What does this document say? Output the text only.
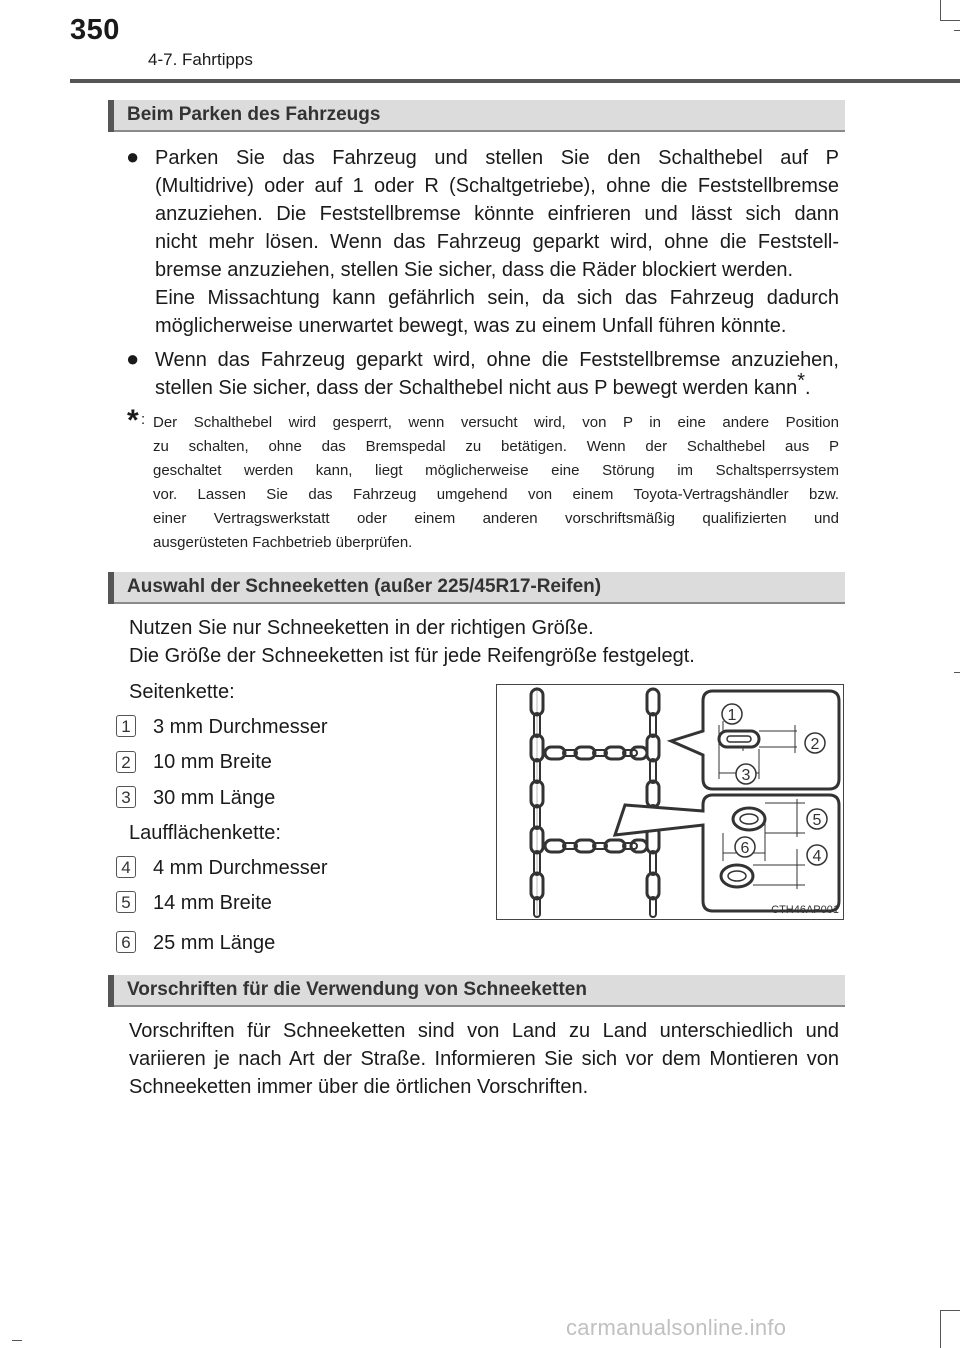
350
4-7. Fahrtipps
Beim Parken des Fahrzeugs
● Parken Sie das Fahrzeug und stellen Sie den Schalthebel auf P
(Multidrive) oder auf 1 oder R (Schaltgetriebe), ohne die Feststellbremse
anzuziehen. Die Feststellbremse könnte einfrieren und lässt sich dann
nicht mehr lösen. Wenn das Fahrzeug geparkt wird, ohne die Feststell-
bremse anzuziehen, stellen Sie sicher, dass die Räder blockiert werden.
Eine Missachtung kann gefährlich sein, da sich das Fahrzeug dadurch
möglicherweise unerwartet bewegt, was zu einem Unfall führen könnte.
● Wenn das Fahrzeug geparkt wird, ohne die Feststellbremse anzuziehen,
stellen Sie sicher, dass der Schalthebel nicht aus P bewegt werden kann*.
* : Der Schalthebel wird gesperrt, wenn versucht wird, von P in eine andere Position
zu schalten, ohne das Bremspedal zu betätigen. Wenn der Schalthebel aus P
geschaltet werden kann, liegt möglicherweise eine Störung im Schaltsperrsystem
vor. Lassen Sie das Fahrzeug umgehend von einem Toyota-Vertragshändler bzw.
einer Vertragswerkstatt oder einem anderen vorschriftsmäßig qualifizierten und
ausgerüsteten Fachbetrieb überprüfen.
Auswahl der Schneeketten (außer 225/45R17-Reifen)
Nutzen Sie nur Schneeketten in der richtigen Größe.
Die Größe der Schneeketten ist für jede Reifengröße festgelegt.
Seitenkette:
1 3 mm Durchmesser
2 10 mm Breite
3 30 mm Länge
Laufflächenkette:
4 4 mm Durchmesser
5 14 mm Breite
6 25 mm Länge
1
2
3
5
6	4
CTH46AP001
Vorschriften für die Verwendung von Schneeketten
Vorschriften für Schneeketten sind von Land zu Land unterschiedlich und
variieren je nach Art der Straße. Informieren Sie sich vor dem Montieren von
Schneeketten immer über die örtlichen Vorschriften.
carmanualsonline.info
